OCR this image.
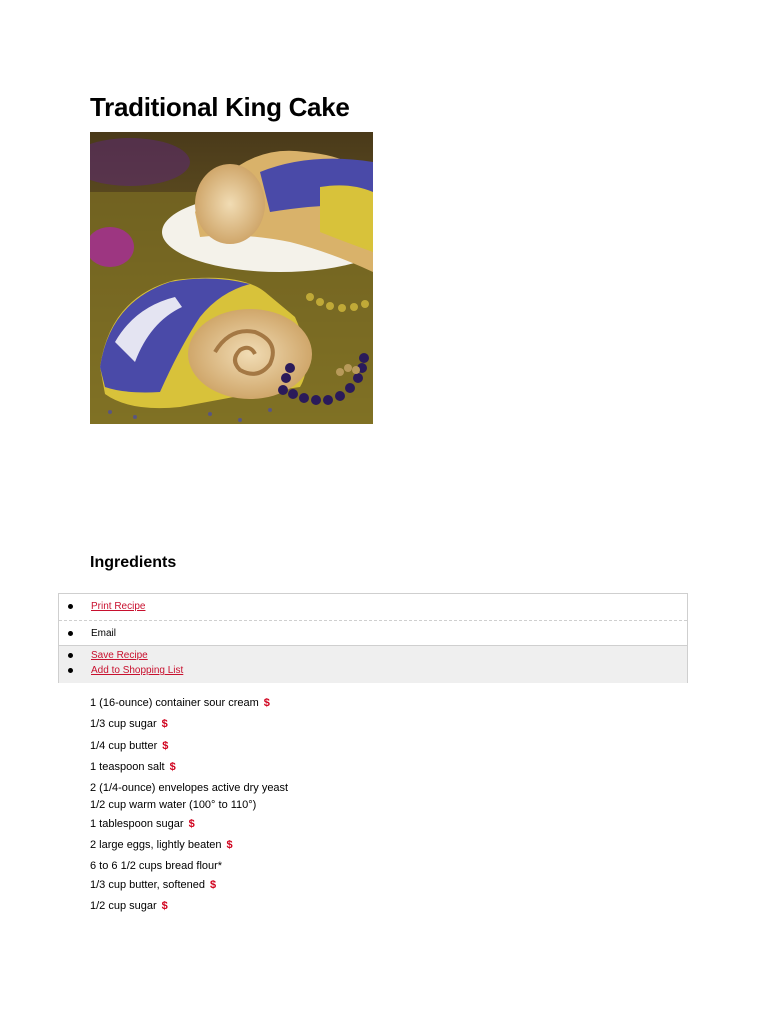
Traditional King Cake
Ingredients
Print Recipe
Email
Save Recipe
Add to Shopping List
1 (16-ounce) container sour cream $
1/3 cup sugar $
1/4 cup butter $
1 teaspoon salt $
2 (1/4-ounce) envelopes active dry yeast
1/2 cup warm water (100° to 110°)
1 tablespoon sugar $
2 large eggs, lightly beaten $
6 to 6 1/2 cups bread flour*
1/3 cup butter, softened $
1/2 cup sugar $
